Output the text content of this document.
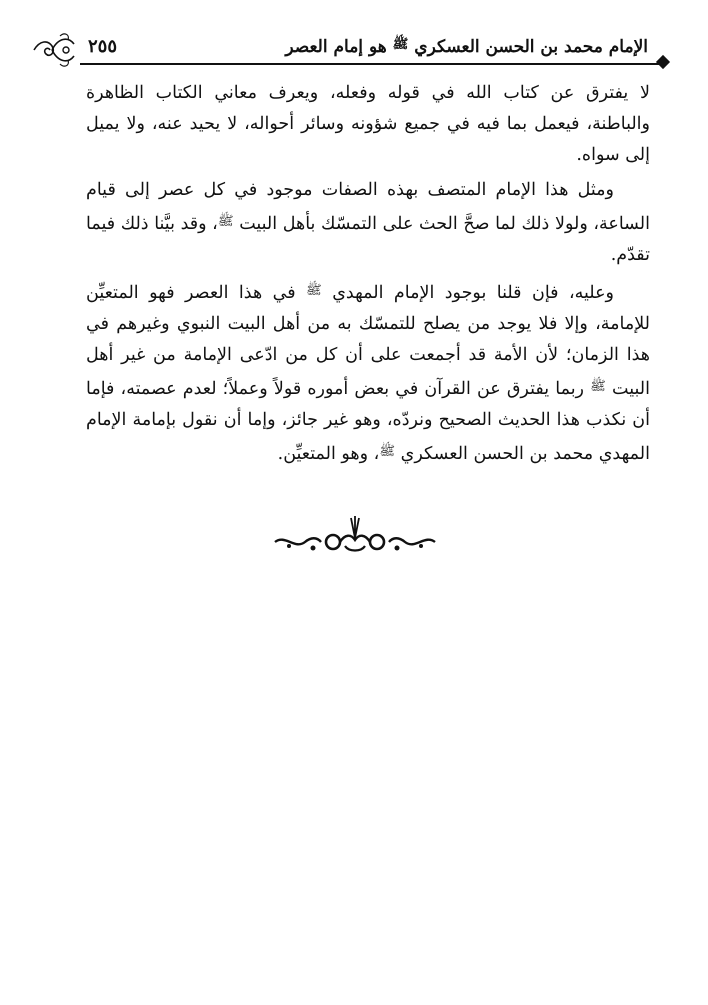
الإمام محمد بن الحسن العسكري $^ﷺ$ هو إمام العصر
٢٥٥

لا يفترق عن كتاب الله في قوله وفعله، ويعرف معاني الكتاب الظاهرة والباطنة، فيعمل بما فيه في جميع شؤونه وسائر أحواله، لا يحيد عنه، ولا يميل إلى سواه.

ومثل هذا الإمام المتصف بهذه الصفات موجود في كل عصر إلى قيام الساعة، ولولا ذلك لما صحَّ الحث على التمسّك بأهل البيت $^ﷺ$، وقد بيَّنا ذلك فيما تقدّم.

وعليه، فإن قلنا بوجود الإمام المهدي $^ﷺ$ في هذا العصر فهو المتعيِّن للإمامة، وإلا فلا يوجد من يصلح للتمسّك به من أهل البيت النبوي وغيرهم في هذا الزمان؛ لأن الأمة قد أجمعت على أن كل من ادّعى الإمامة من غير أهل البيت $^ﷺ$ ربما يفترق عن القرآن في بعض أموره قولاً وعملاً؛ لعدم عصمته، فإما أن نكذب هذا الحديث الصحيح ونردّه، وهو غير جائز، وإما أن نقول بإمامة الإمام المهدي محمد بن الحسن العسكري $^ﷺ$، وهو المتعيِّن.
